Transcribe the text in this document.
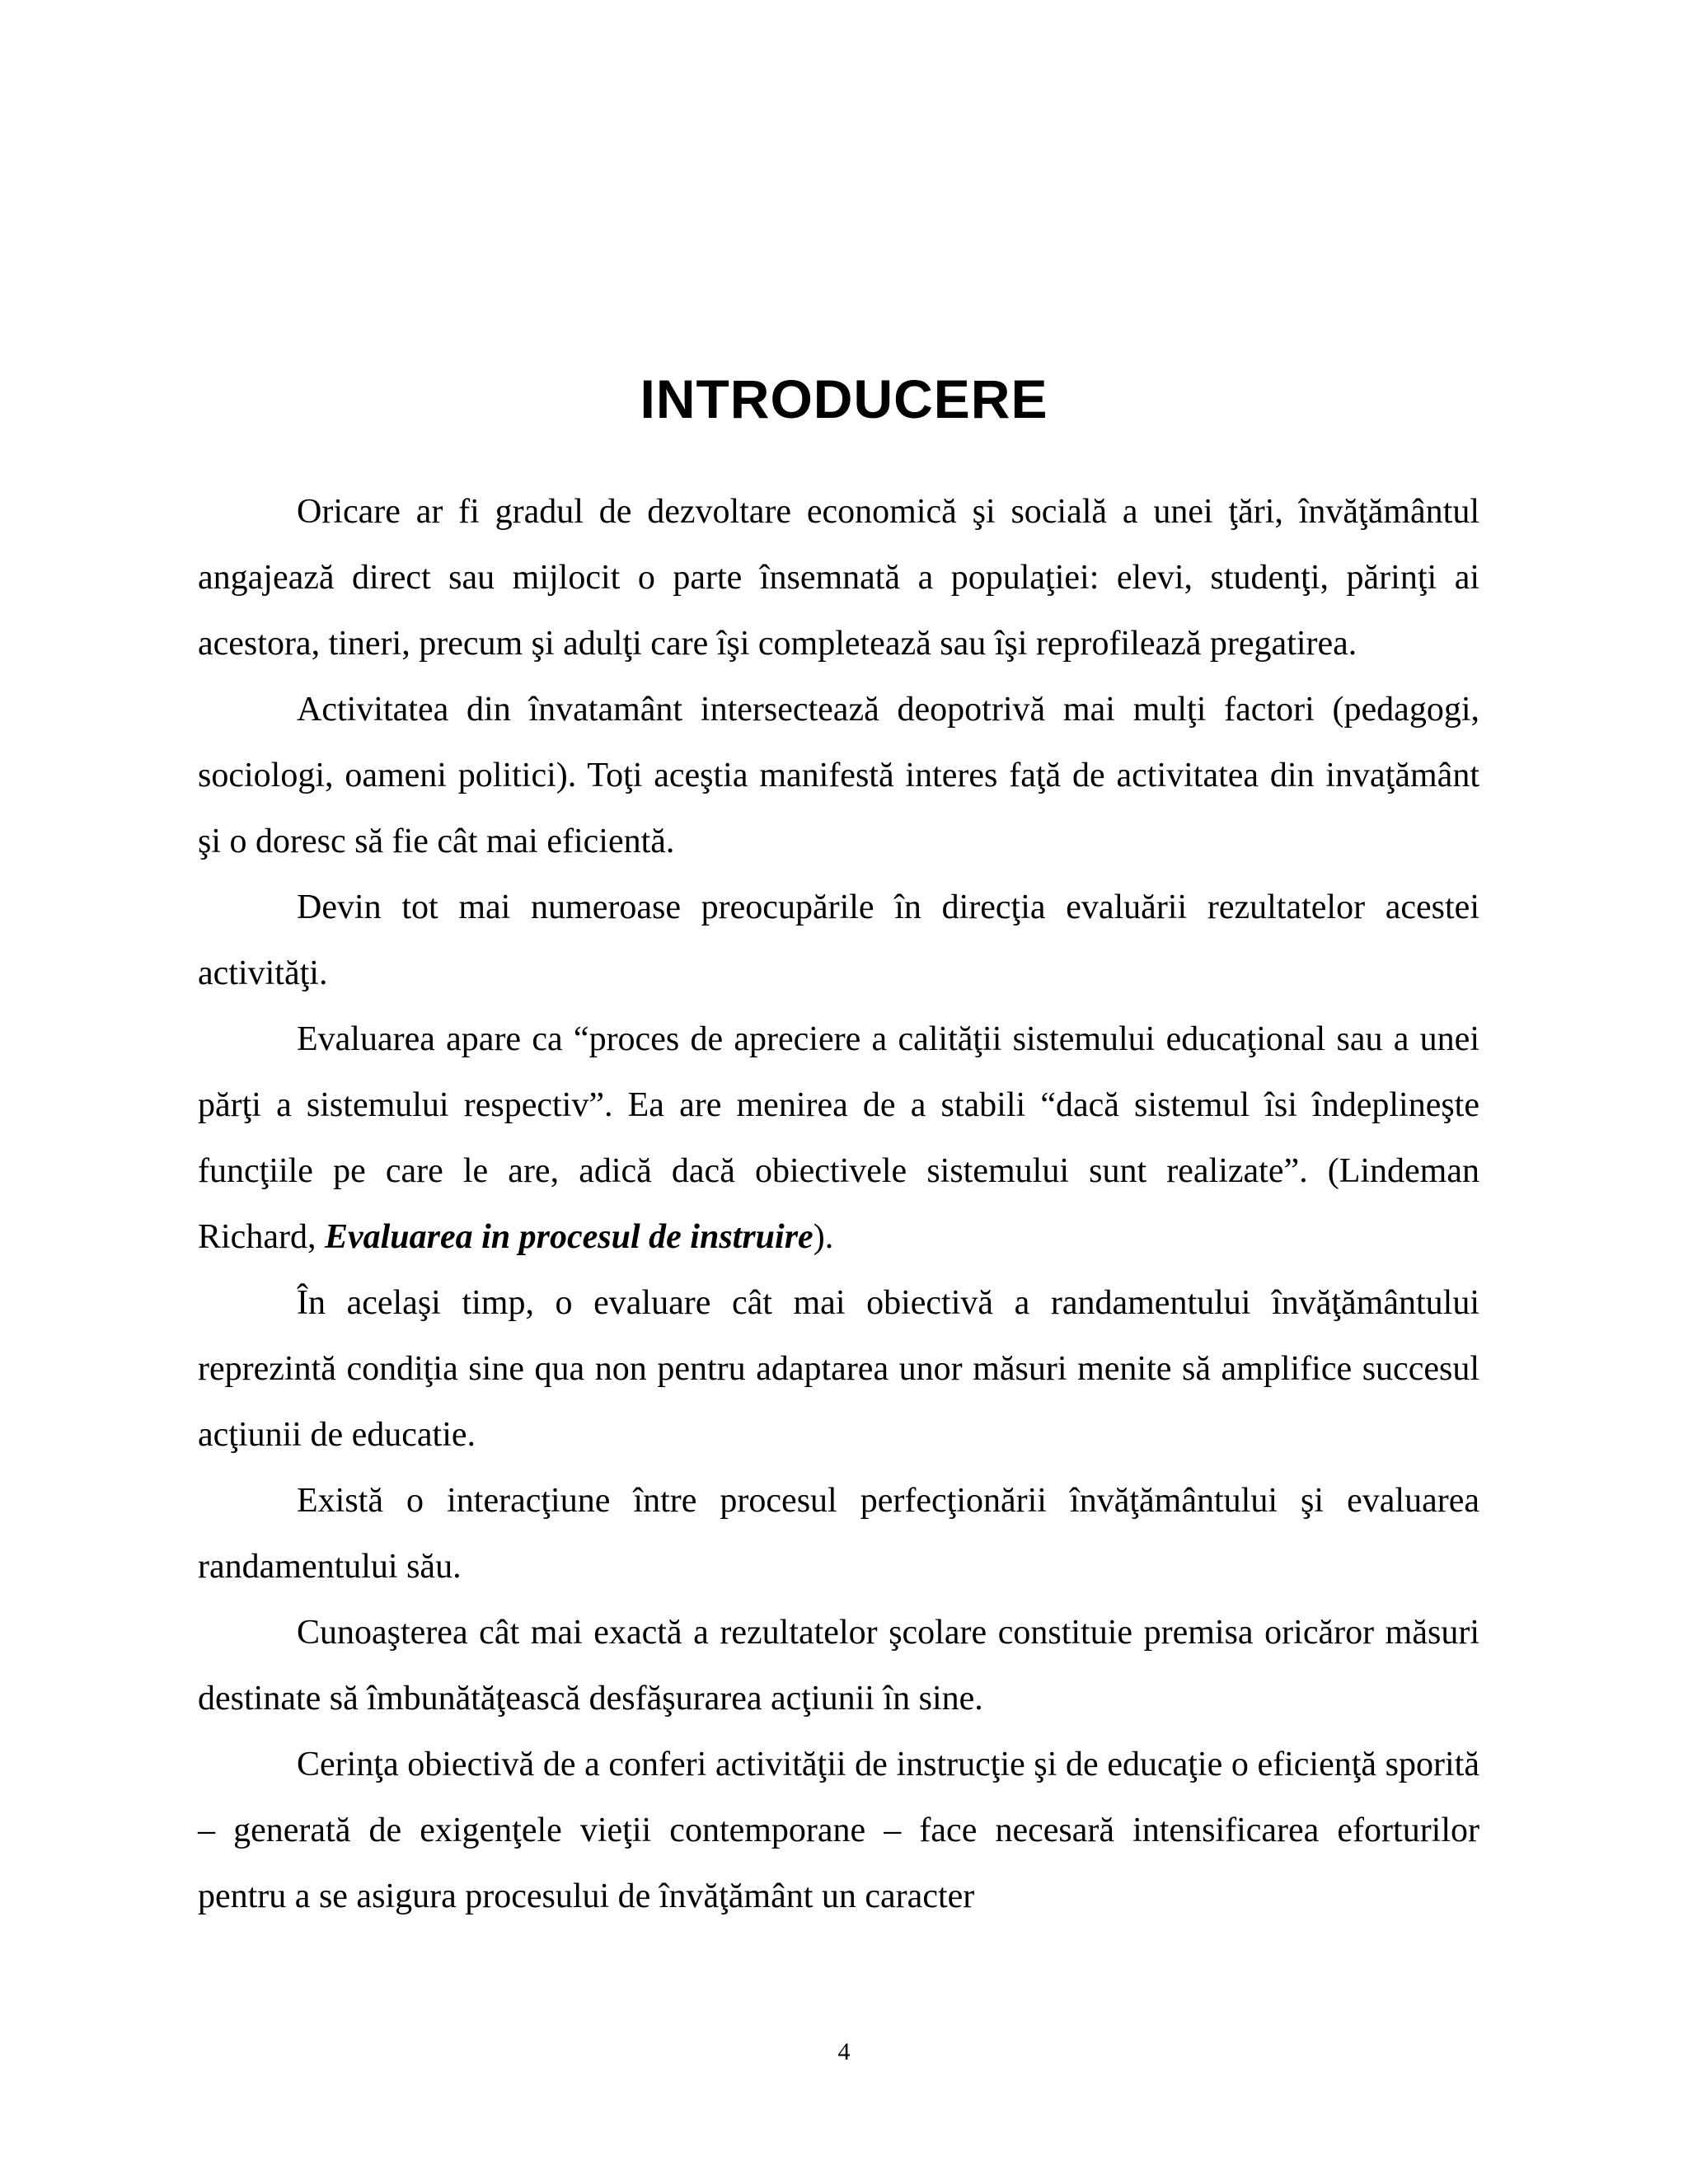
INTRODUCERE

Oricare ar fi gradul de dezvoltare economică şi socială a unei ţări, învăţământul angajează direct sau mijlocit o parte însemnată a populaţiei: elevi, studenţi, părinţi ai acestora, tineri, precum şi adulţi care îşi completează sau îşi reprofilează pregatirea.

Activitatea din învatamânt intersectează deopotrivă mai mulţi factori (pedagogi, sociologi, oameni politici). Toţi aceştia manifestă interes faţă de activitatea din invaţământ şi o doresc să fie cât mai eficientă.

Devin tot mai numeroase preocupările în direcţia evaluării rezultatelor acestei activităţi.

Evaluarea apare ca “proces de apreciere a calităţii sistemului educaţional sau a unei părţi a sistemului respectiv”. Ea are menirea de a stabili “dacă sistemul îsi îndeplineşte funcţiile pe care le are, adică dacă obiectivele sistemului sunt realizate”. (Lindeman Richard, Evaluarea in procesul de instruire).

În acelaşi timp, o evaluare cât mai obiectivă a randamentului învăţământului reprezintă condiţia sine qua non pentru adaptarea unor măsuri menite să amplifice succesul acţiunii de educatie.

Există o interacţiune între procesul perfecţionării învăţământului şi evaluarea randamentului său.

Cunoaşterea cât mai exactă a rezultatelor şcolare constituie premisa oricăror măsuri destinate să îmbunătăţească desfăşurarea acţiunii în sine.

Cerinţa obiectivă de a conferi activităţii de instrucţie şi de educaţie o eficienţă sporită – generată de exigenţele vieţii contemporane – face necesară intensificarea eforturilor pentru a se asigura procesului de învăţământ un caracter

4
